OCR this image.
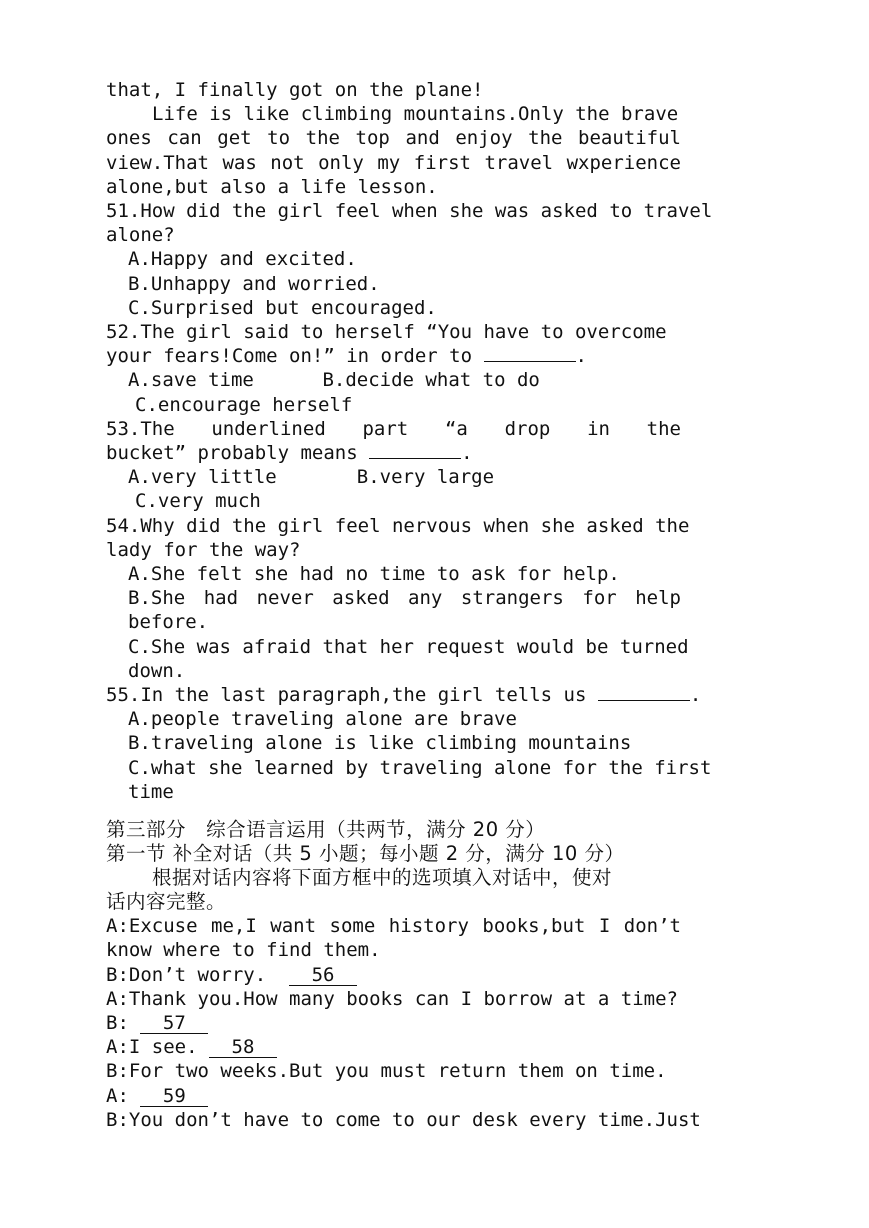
that, I finally got on the plane!
Life is like climbing mountains.Only the brave
ones can get to the top and enjoy the beautiful
view.That was not only my first travel wxperience
alone,but also a life lesson.
51.How did the girl feel when she was asked to travel
alone?
A.Happy and excited.
B.Unhappy and worried.
C.Surprised but encouraged.
52.The girl said to herself “You have to overcome
your fears!Come on!” in order to	.
A.save time	B.decide what to do
C.encourage herself
53.The underlined part “a drop in the
bucket” probably means	.
A.very little	B.very large
C.very much
54.Why did the girl feel nervous when she asked the
lady for the way?
A.She felt she had no time to ask for help.
B.She had never asked any strangers for help
before.
C.She was afraid that her request would be turned
down.
55.In the last paragraph,the girl tells us	.
A.people traveling alone are brave
B.traveling alone is like climbing mountains
C.what she learned by traveling alone for the first
time
第三部分   综合语言运用（共两节，满分 20 分）
第一节 补全对话（共 5 小题；每小题 2 分，满分 10 分）
根据对话内容将下面方框中的选项填入对话中，使对
话内容完整。
A:Excuse me,I want some history books,but I don’t
know where to find them.
B:Don’t worry. 56
A:Thank you.How many books can I borrow at a time?
B: 57
A:I see. 58
B:For two weeks.But you must return them on time.
A: 59
B:You don’t have to come to our desk every time.Just
